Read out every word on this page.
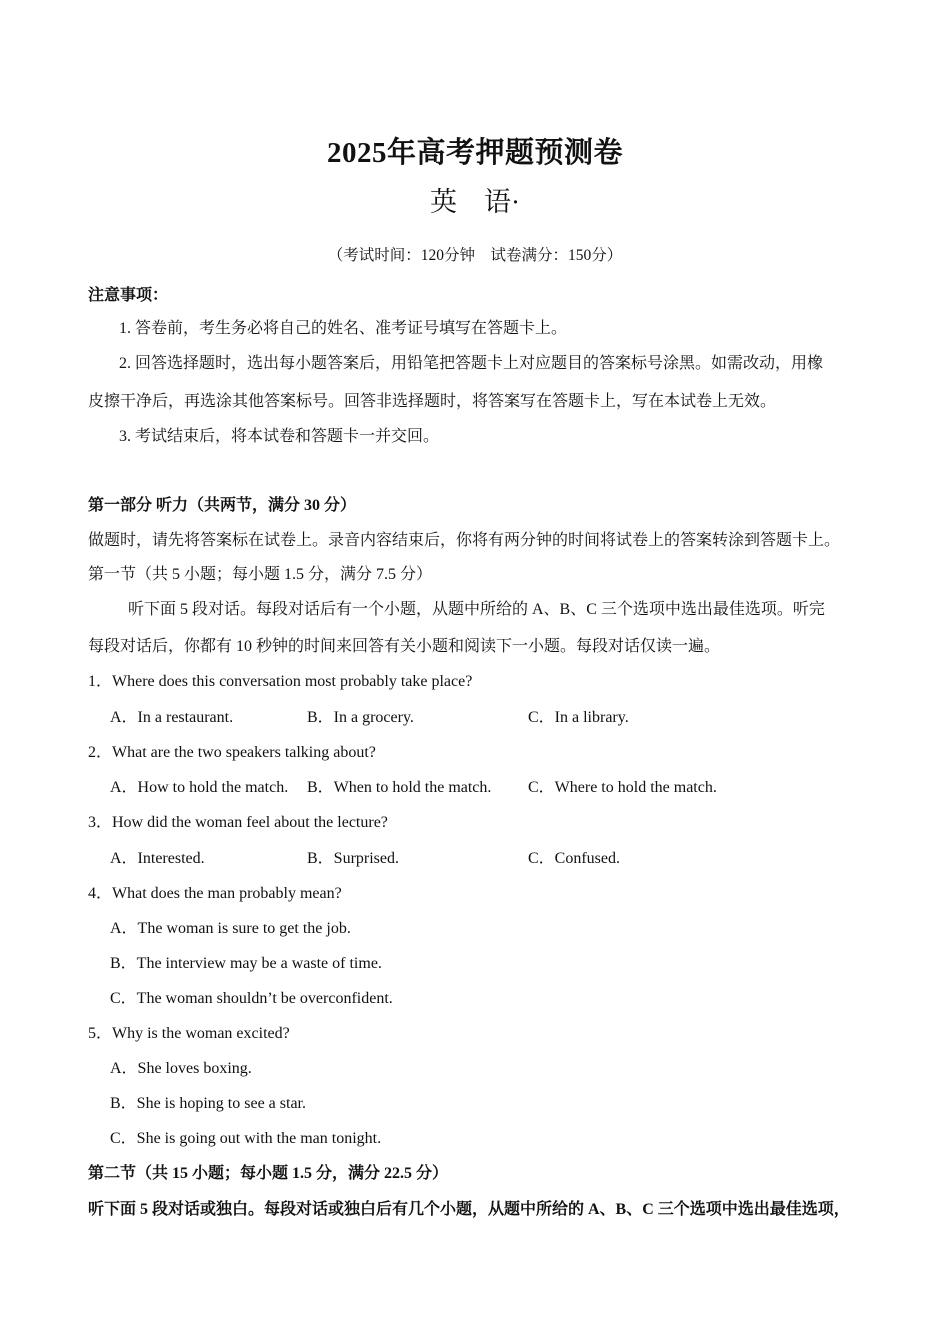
2025年高考押题预测卷
英　语·
（考试时间：120分钟　试卷满分：150分）
注意事项：
1. 答卷前，考生务必将自己的姓名、准考证号填写在答题卡上。
2. 回答选择题时，选出每小题答案后，用铅笔把答题卡上对应题目的答案标号涂黑。如需改动，用橡
皮擦干净后，再选涂其他答案标号。回答非选择题时，将答案写在答题卡上，写在本试卷上无效。
3. 考试结束后，将本试卷和答题卡一并交回。
第一部分 听力（共两节，满分 30 分）
做题时，请先将答案标在试卷上。录音内容结束后，你将有两分钟的时间将试卷上的答案转涂到答题卡上。
第一节（共 5 小题；每小题 1.5 分，满分 7.5 分）
听下面 5 段对话。每段对话后有一个小题，从题中所给的 A、B、C 三个选项中选出最佳选项。听完
每段对话后，你都有 10 秒钟的时间来回答有关小题和阅读下一小题。每段对话仅读一遍。
1．Where does this conversation most probably take place?
A．In a restaurant.	B．In a grocery.	C．In a library.
2．What are the two speakers talking about?
A．How to hold the match. B．When to hold the match. C．Where to hold the match.
3．How did the woman feel about the lecture?
A．Interested.	B．Surprised.	C．Confused.
4．What does the man probably mean?
A．The woman is sure to get the job.
B．The interview may be a waste of time.
C．The woman shouldn’t be overconfident.
5．Why is the woman excited?
A．She loves boxing.
B．She is hoping to see a star.
C．She is going out with the man tonight.
第二节（共 15 小题；每小题 1.5 分，满分 22.5 分）
听下面 5 段对话或独白。每段对话或独白后有几个小题，从题中所给的 A、B、C 三个选项中选出最佳选项，
